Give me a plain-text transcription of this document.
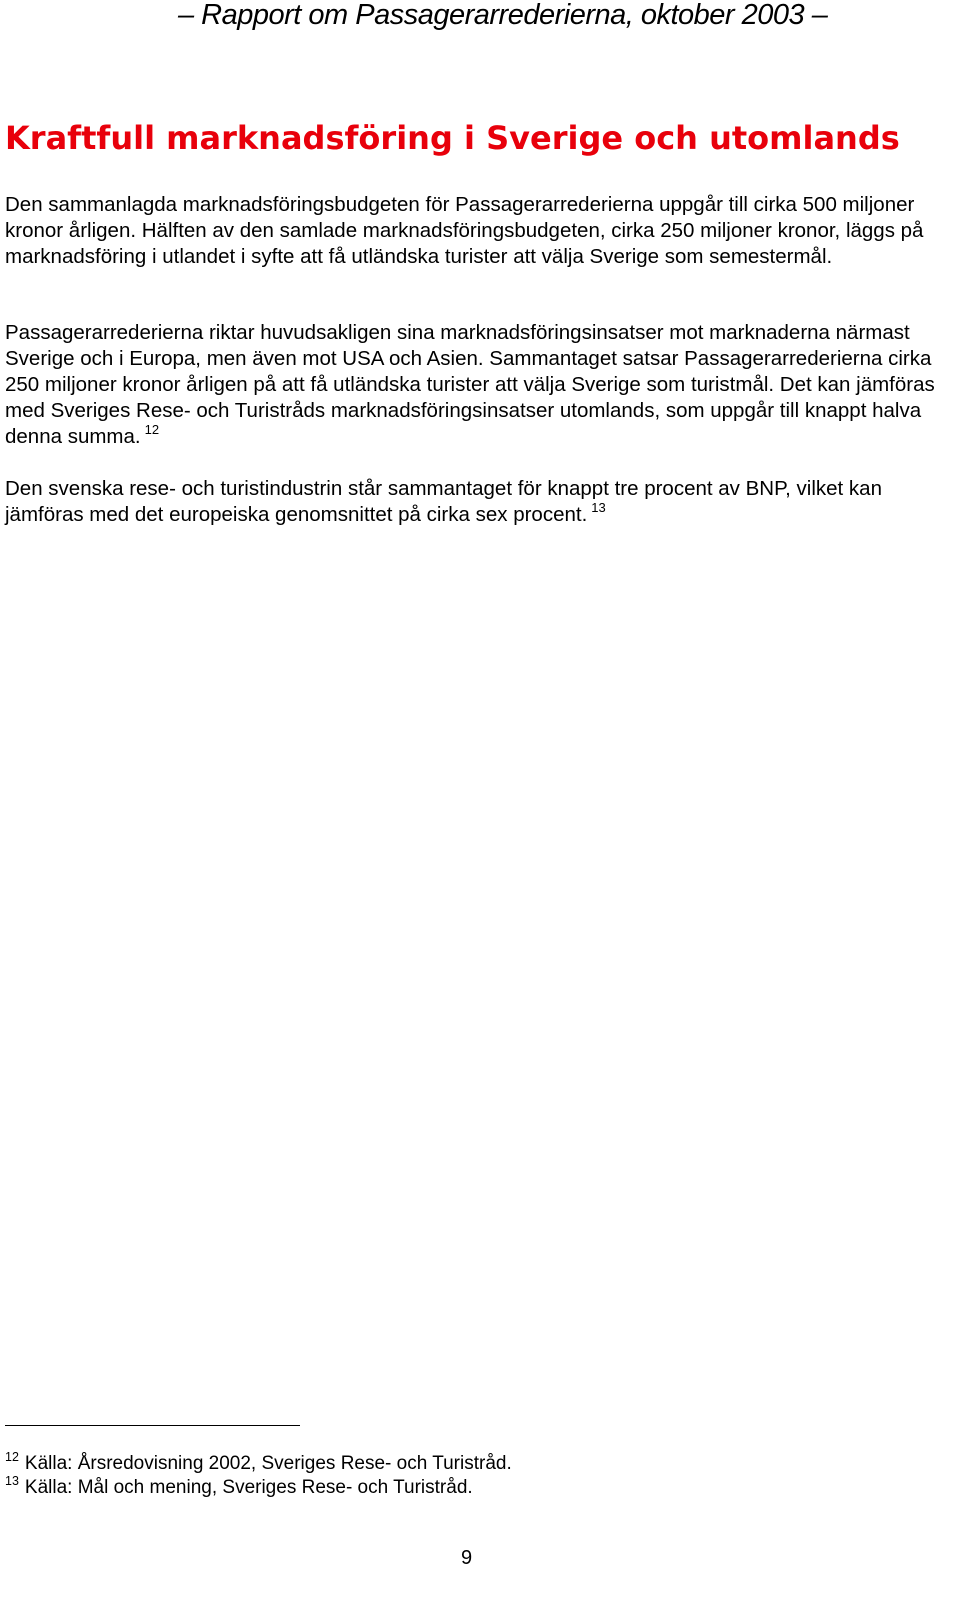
– Rapport om Passagerarrederierna, oktober 2003 –
Kraftfull marknadsföring i Sverige och utomlands

Den sammanlagda marknadsföringsbudgeten för Passagerarrederierna uppgår till cirka 500 miljoner kronor årligen. Hälften av den samlade marknadsföringsbudgeten, cirka 250 miljoner kronor, läggs på marknadsföring i utlandet i syfte att få utländska turister att välja Sverige som semestermål.

Passagerarrederierna riktar huvudsakligen sina marknadsföringsinsatser mot marknaderna närmast Sverige och i Europa, men även mot USA och Asien. Sammantaget satsar Passagerarrederierna cirka 250 miljoner kronor årligen på att få utländska turister att välja Sverige som turistmål. Det kan jämföras med Sveriges Rese- och Turistråds marknadsföringsinsatser utomlands, som uppgår till knappt halva denna summa. $^{12}$

Den svenska rese- och turistindustrin står sammantaget för knappt tre procent av BNP, vilket kan jämföras med det europeiska genomsnittet på cirka sex procent. $^{13}$

$^{12}$ Källa: Årsredovisning 2002, Sveriges Rese- och Turistråd.

$^{13}$ Källa: Mål och mening, Sveriges Rese- och Turistråd.

9
